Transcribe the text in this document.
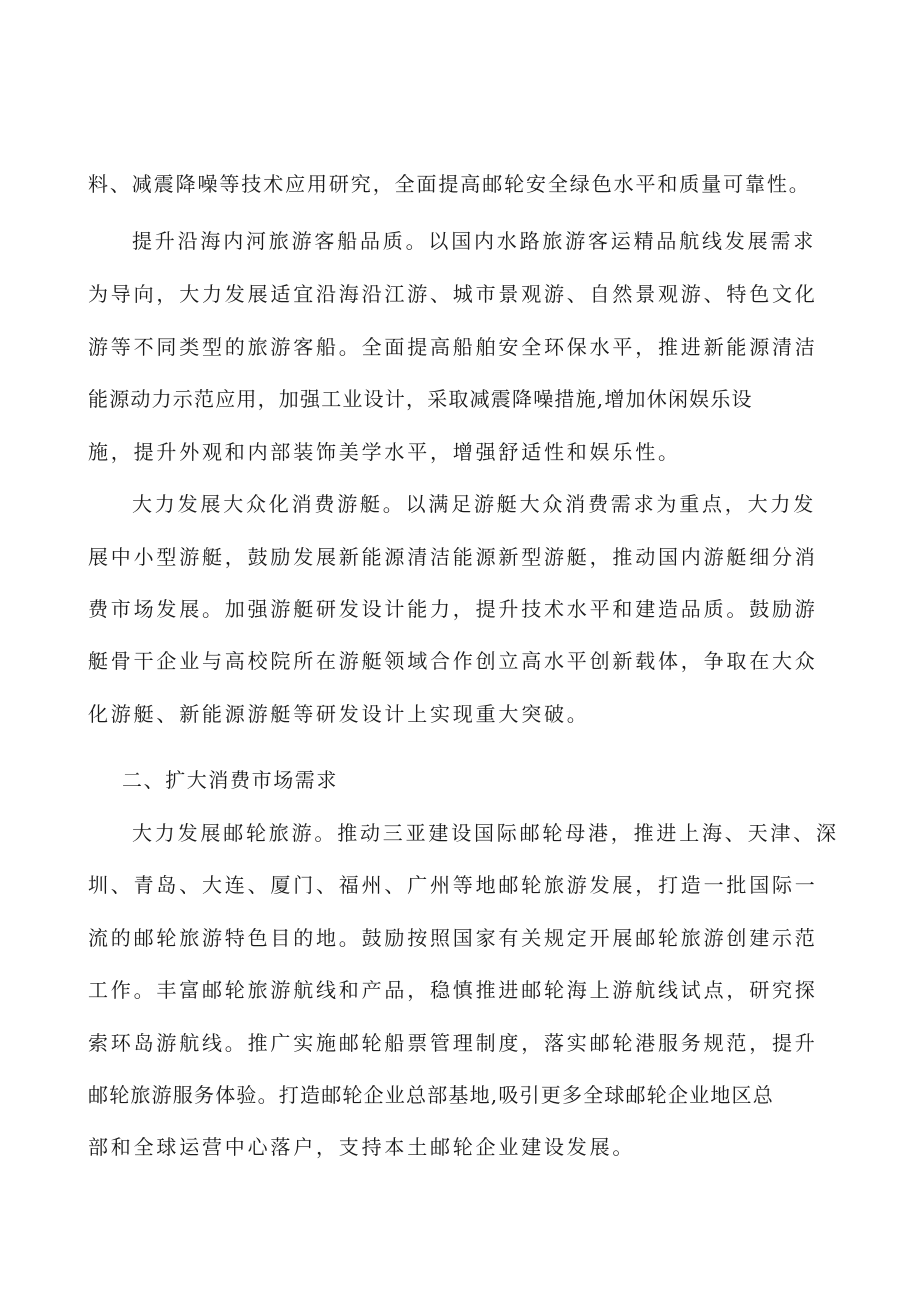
料、减震降噪等技术应用研究，全面提高邮轮安全绿色水平和质量可靠性。
提升沿海内河旅游客船品质。以国内水路旅游客运精品航线发展需求
为导向，大力发展适宜沿海沿江游、城市景观游、自然景观游、特色文化
游等不同类型的旅游客船。全面提高船舶安全环保水平，推进新能源清洁
能源动力示范应用，加强工业设计，采取减震降噪措施,增加休闲娱乐设
施，提升外观和内部装饰美学水平，增强舒适性和娱乐性。
大力发展大众化消费游艇。以满足游艇大众消费需求为重点，大力发
展中小型游艇，鼓励发展新能源清洁能源新型游艇，推动国内游艇细分消
费市场发展。加强游艇研发设计能力，提升技术水平和建造品质。鼓励游
艇骨干企业与高校院所在游艇领域合作创立高水平创新载体，争取在大众
化游艇、新能源游艇等研发设计上实现重大突破。
二、扩大消费市场需求
大力发展邮轮旅游。推动三亚建设国际邮轮母港，推进上海、天津、深
圳、青岛、大连、厦门、福州、广州等地邮轮旅游发展，打造一批国际一
流的邮轮旅游特色目的地。鼓励按照国家有关规定开展邮轮旅游创建示范
工作。丰富邮轮旅游航线和产品，稳慎推进邮轮海上游航线试点，研究探
索环岛游航线。推广实施邮轮船票管理制度，落实邮轮港服务规范，提升
邮轮旅游服务体验。打造邮轮企业总部基地,吸引更多全球邮轮企业地区总
部和全球运营中心落户，支持本土邮轮企业建设发展。
